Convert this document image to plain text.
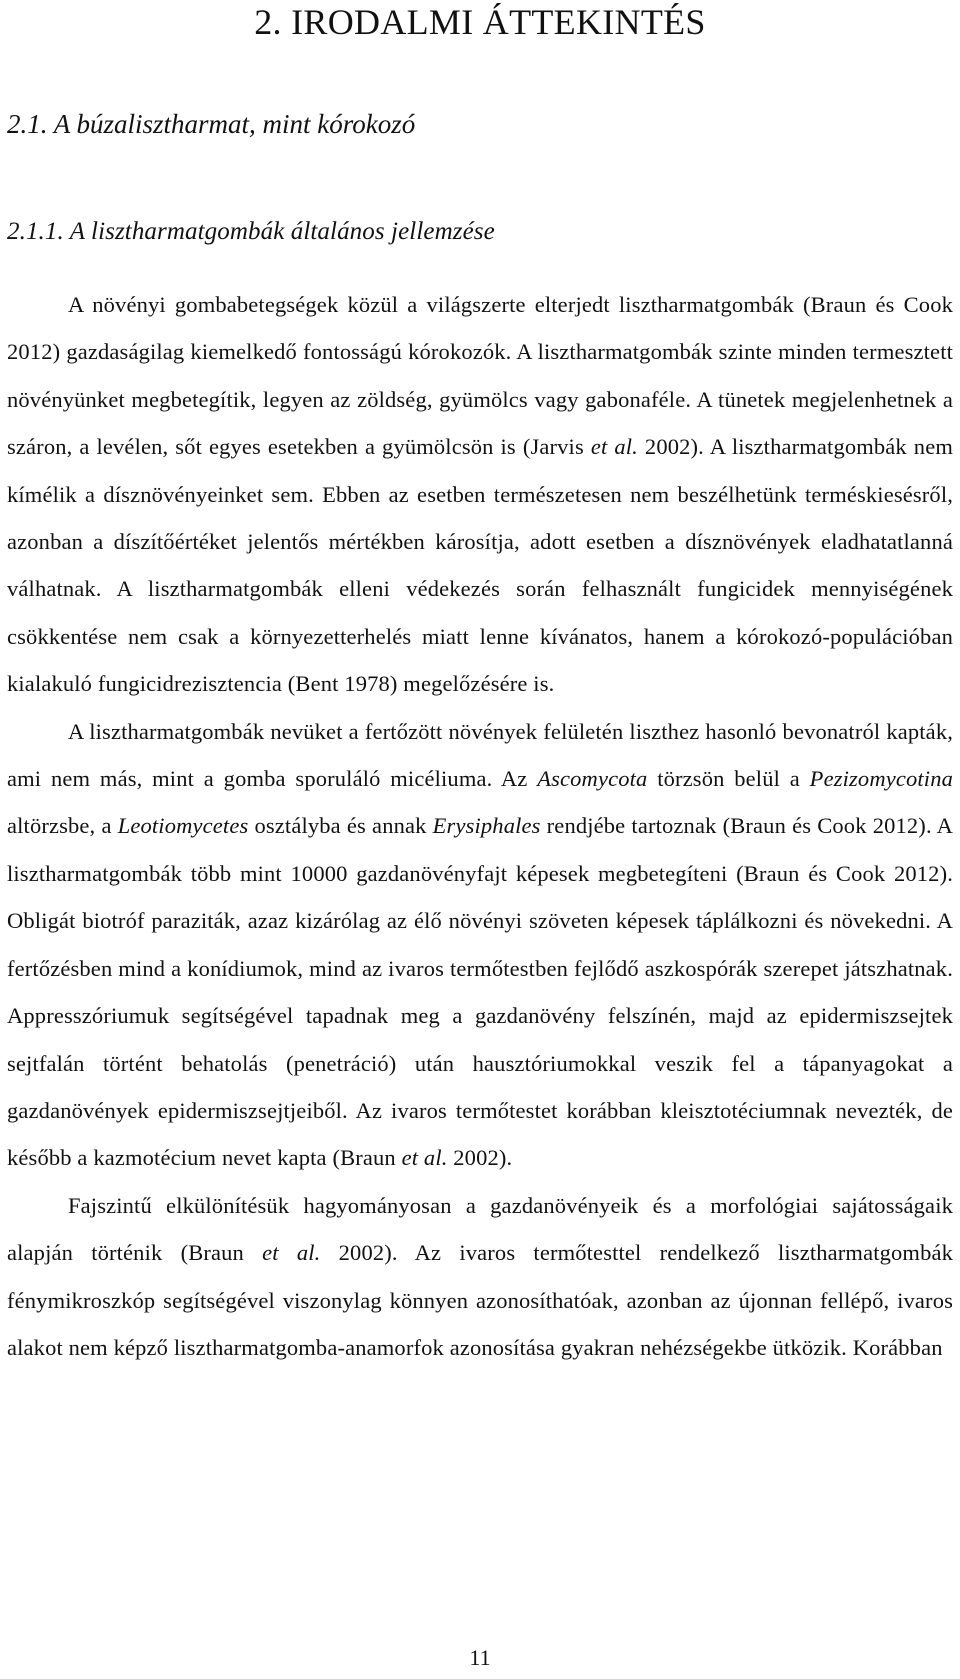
2. IRODALMI ÁTTEKINTÉS
2.1. A búzalisztharmat, mint kórokozó
2.1.1. A lisztharmatgombák általános jellemzése

A növényi gombabetegségek közül a világszerte elterjedt lisztharmatgombák (Braun és Cook 2012) gazdaságilag kiemelkedő fontosságú kórokozók. A lisztharmatgombák szinte minden termesztett növényünket megbetegítik, legyen az zöldség, gyümölcs vagy gabonaféle. A tünetek megjelenhetnek a száron, a levélen, sőt egyes esetekben a gyümölcsön is (Jarvis et al. 2002). A lisztharmatgombák nem kímélik a dísznövényeinket sem. Ebben az esetben természetesen nem beszélhetünk terméskiesésről, azonban a díszítőértéket jelentős mértékben károsítja, adott esetben a dísznövények eladhatatlanná válhatnak. A lisztharmatgombák elleni védekezés során felhasznált fungicidek mennyiségének csökkentése nem csak a környezetterhelés miatt lenne kívánatos, hanem a kórokozó-populációban kialakuló fungicidrezisztencia (Bent 1978) megelőzésére is.

A lisztharmatgombák nevüket a fertőzött növények felületén liszthez hasonló bevonatról kapták, ami nem más, mint a gomba sporuláló micéliuma. Az Ascomycota törzsön belül a Pezizomycotina altörzsbe, a Leotiomycetes osztályba és annak Erysiphales rendjébe tartoznak (Braun és Cook 2012). A lisztharmatgombák több mint 10000 gazdanövényfajt képesek megbetegíteni (Braun és Cook 2012). Obligát biotróf paraziták, azaz kizárólag az élő növényi szöveten képesek táplálkozni és növekedni. A fertőzésben mind a konídiumok, mind az ivaros termőtestben fejlődő aszkospórák szerepet játszhatnak. Appresszóriumuk segítségével tapadnak meg a gazdanövény felszínén, majd az epidermiszsejtek sejtfalán történt behatolás (penetráció) után hausztóriumokkal veszik fel a tápanyagokat a gazdanövények epidermiszsejtjeiből. Az ivaros termőtestet korábban kleisztotéciumnak nevezték, de később a kazmotécium nevet kapta (Braun et al. 2002).

Fajszintű elkülönítésük hagyományosan a gazdanövényeik és a morfológiai sajátosságaik alapján történik (Braun et al. 2002). Az ivaros termőtesttel rendelkező lisztharmatgombák fénymikroszkóp segítségével viszonylag könnyen azonosíthatóak, azonban az újonnan fellépő, ivaros alakot nem képző lisztharmatgomba-anamorfok azonosítása gyakran nehézségekbe ütközik. Korábban

11
